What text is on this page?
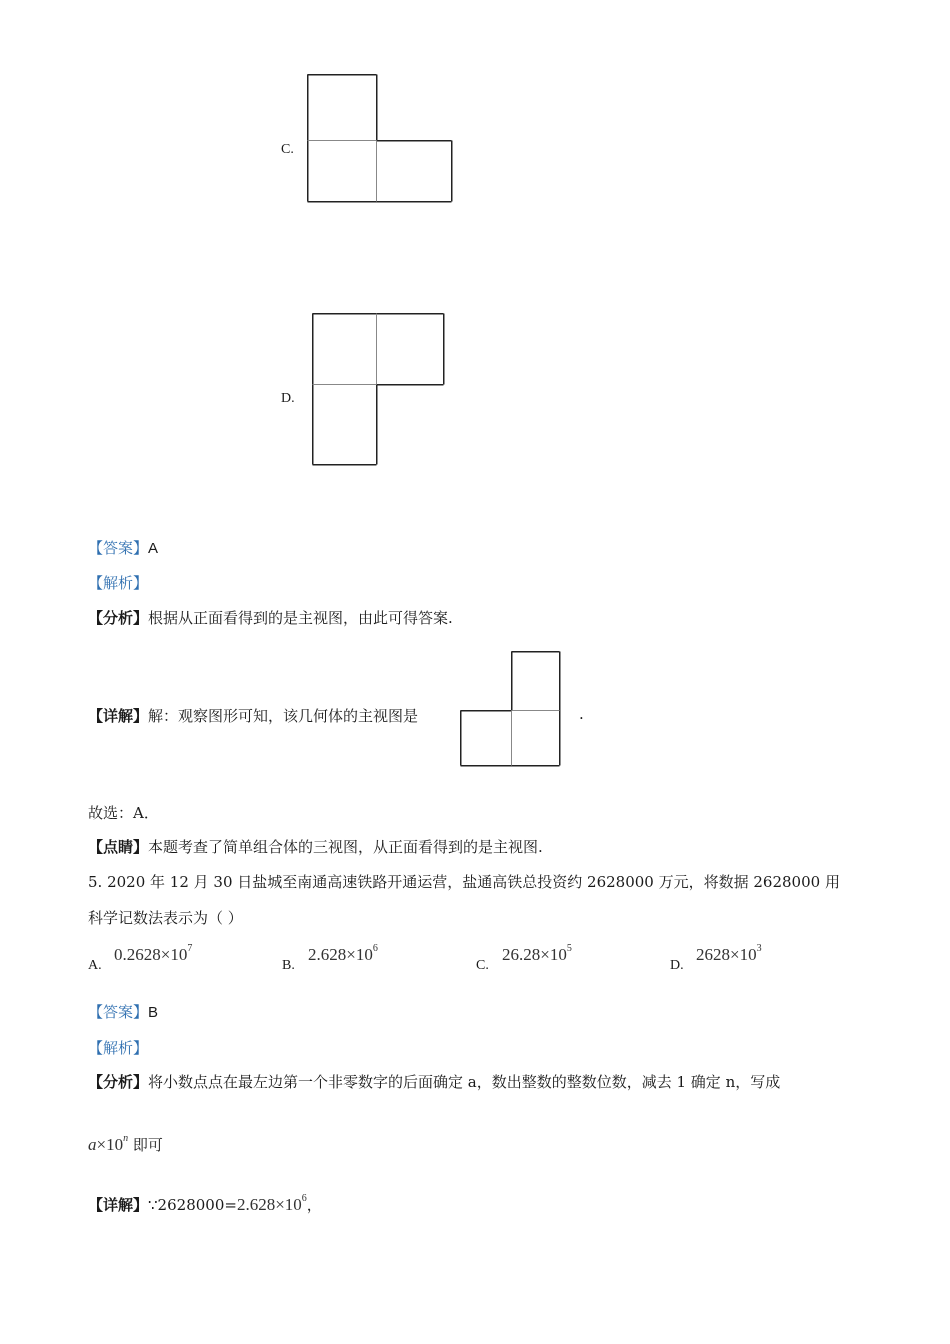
C.
D.
【答案】A
【解析】
【分析】根据从正面看得到的是主视图，由此可得答案.
【详解】解：观察图形可知，该几何体的主视图是	.
故选：A．
【点睛】本题考查了简单组合体的三视图，从正面看得到的是主视图.
5. 2020 年 12 月 30 日盐城至南通高速铁路开通运营，盐通高铁总投资约 2628000 万元，将数据 2628000 用
科学记数法表示为（ ）
A.
$0.2628\times 10^7$
B.
$2.628\times 10^6$
C.
$26.28\times 10^5$
D.
$2628\times 10^3$
【答案】B
【解析】
【分析】将小数点点在最左边第一个非零数字的后面确定 a，数出整数的整数位数，减去 1 确定 n，写成
$a\times 10^n$ 即可
【详解】$\because 2628000=2.628\times 10^6$，
